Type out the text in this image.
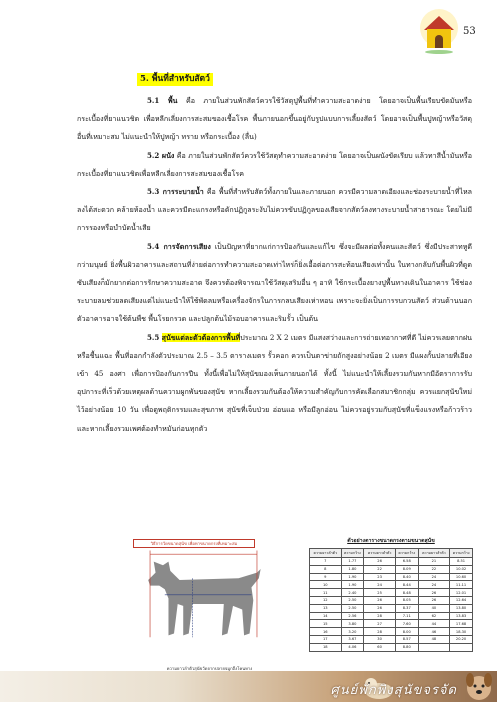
53
5. พื้นที่สำหรับสัตว์

5.1 พื้น คือ ภายในส่วนพักสัตว์ควรใช้วัสดุปูพื้นที่ทำความสะอาดง่าย โดยอาจเป็นพื้นเรียบขัดมันหรือกระเบื้องที่ยาแนวชิด เพื่อหลีกเลี่ยงการสะสมของเชื้อโรค พื้นภายนอกขึ้นอยู่กับรูปแบบการเลี้ยงสัตว์ โดยอาจเป็นพื้นปูหญ้าหรือวัสดุอื่นที่เหมาะสม ไม่แนะนำให้ปูหญ้า ทราย หรือกระเบื้อง (ลื่น)

5.2 ผนัง คือ ภายในส่วนพักสัตว์ควรใช้วัสดุทำความสะอาดง่าย โดยอาจเป็นผนังขัดเรียบ แล้วทาสีน้ำมันหรือกระเบื้องที่ยาแนวชิดเพื่อหลีกเลี่ยงการสะสมของเชื้อโรค

5.3 การระบายน้ำ คือ พื้นที่สำหรับสัตว์ทั้งภายในและภายนอก ควรมีความลาดเอียงและช่องระบายน้ำที่ไหลลงได้สะดวก คล้ายห้องน้ำ และควรมีตะแกรงหรือดักปฏิกูลระงับไม่ควรขับปฏิกูลของเสียจากสัตว์ลงทางระบายน้ำสาธารณะ โดยไม่มีการรองหรือบำบัดน้ำเสีย

5.4 การจัดการเสียง เป็นปัญหาที่ยากแก่การป้องกันและแก้ไข ซึ่งจะมีผลต่อทั้งคนและสัตว์ ซึ่งมีประสาทหูดีกว่ามนุษย์ ยิ่งพื้นผิวอาคารและสถานที่ง่ายต่อการทำความสะอาดเท่าไหร่ก็ยิ่งเอื้อต่อการสะท้อนเสียงเท่านั้น ในทางกลับกันพื้นผิวที่ดูดซับเสียงก็มักยากต่อการรักษาความสะอาด จึงควรต้องพิจารณาใช้วัสดุเสริมอื่น ๆ อาทิ ใช้กระเบื้องยางปูพื้นทางเดินในอาคาร ใช้ช่องระบายลมช่วยลดเสียงแต่ไม่แนะนำให้ใช้พัดลมหรือเครื่องจักรในการกลบเสียงเห่าหอน เพราะจะยิ่งเป็นการรบกวนสัตว์ ส่วนด้านนอกตัวอาคารอาจใช้ต้นพืช พื้นโรยกรวด และปลูกต้นไม้รอบอาคารและริมรั้ว เป็นต้น

5.5 สุนัขแต่ละตัวต้องการพื้นที่ประมาณ 2 X 2 เมตร มีแสงสว่างและการถ่ายเทอากาศที่ดี ไม่ควรเลยตากฝนหรือชื้นแฉะ พื้นที่ออกกำลังตัวประมาณ 2.5 – 3.5 ตารางเมตร รั้วคอก ควรเป็นตาข่ายถักสูงอย่างน้อย 2 เมตร มีแผงกั้นปลายที่เอียงเข้า 45 องศา เพื่อการป้องกันการปีน ทั้งนี้เพื่อไม่ให้สุนัขมองเห็นภายนอกได้ ทั้งนี้ ไม่แนะนำให้เลี้ยงรวมกันหากมีอัตราการรับอุปการะที่เร็วด้วยเหตุผลด้านความผูกพันของสุนัข หากเลี้ยงรวมกันต้องให้ความสำคัญกับการคัดเลือกสมาชิกกลุ่ม ควรแยกสุนัขใหม่ไว้อย่างน้อย 10 วัน เพื่อดูพฤติกรรมและสุขภาพ สุนัขที่เจ็บป่วย อ่อนแอ หรือมีลูกอ่อน ไม่ควรอยู่รวมกับสุนัขที่แข็งแรงหรือก้าวร้าว และหากเลี้ยงรวมเพศต้องทำหมันก่อนทุกตัว

วิธีการวัดขนาดสุนัข เพื่อหาขนาดกรงที่เหมาะสม
ความยาวลำตัวสุนัขวัดจากปลายจมูกถึงโคนหาง
ตัวอย่างตารางขนาดกรงตามขนาดสุนัข
ความยาวลำตัว	ความกว้าง	ความยาวลำตัว	ความกว้าง	ความยาวลำตัว	ความกว้าง
7	1.77	26	6.58	21	8.51
8	1.80	22	8.09	22	10.02
9	1.90	23	8.40	24	10.60
10	1.90	24	8.44	24	11.11
11	2.40	25	8.48	26	12.01
12	2.50	26	8.05	26	12.64
13	2.50	26	8.37	40	13.80
14	2.56	28	7.11	62	13.83
15	3.80	27	7.60	44	17.68
16	3.20	28	8.00	46	18.30
17	3.67	30	8.57	48	20.20
18	4.06	60	8.80		
ศูนย์พักพิงสุนัขจรจัด
